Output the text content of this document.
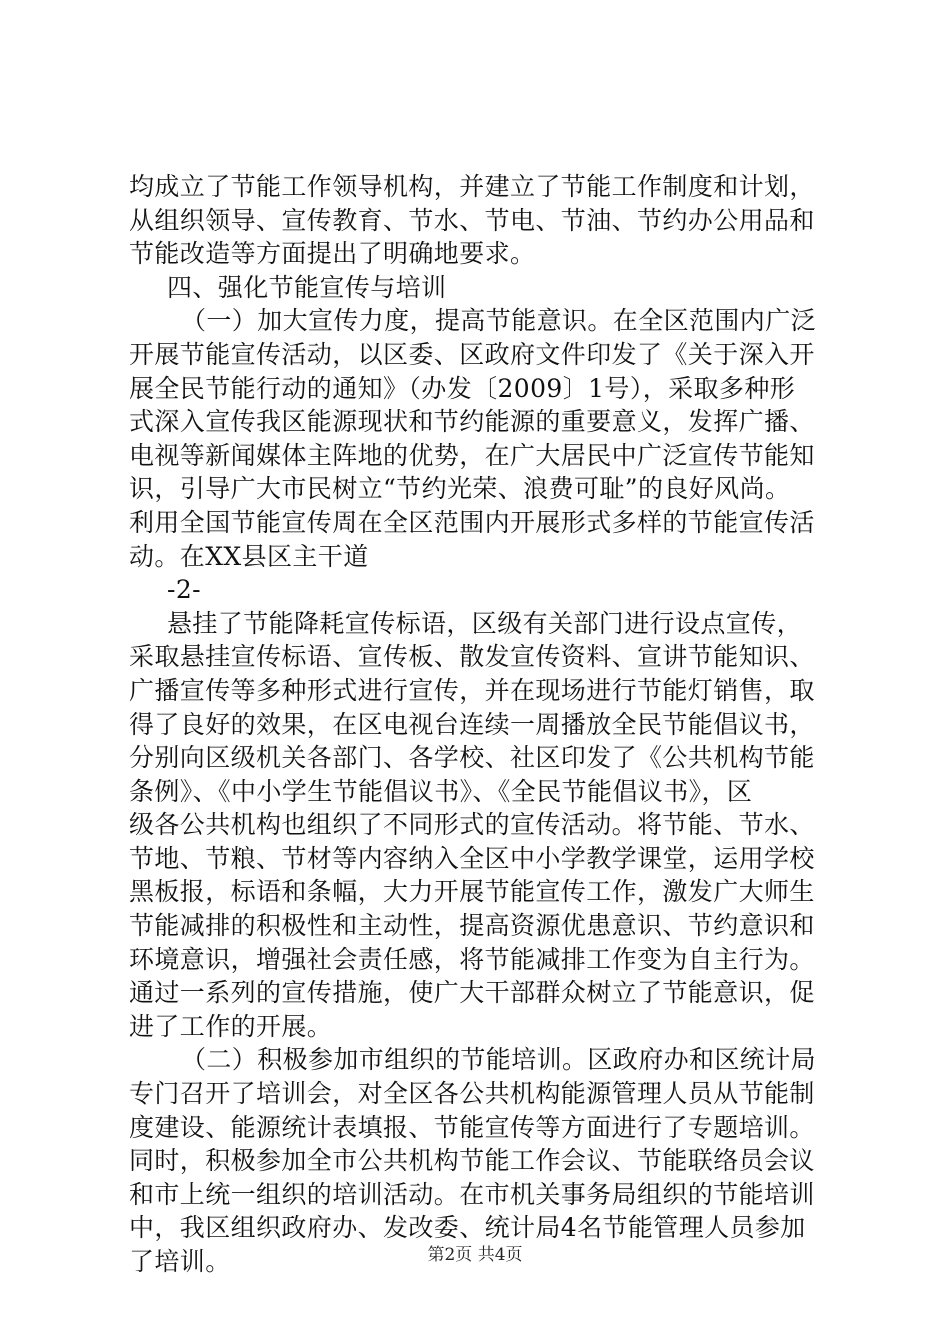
均成立了节能工作领导机构，并建立了节能工作制度和计划，
从组织领导、宣传教育、节水、节电、节油、节约办公用品和
节能改造等方面提出了明确地要求。
四、强化节能宣传与培训
（一）加大宣传力度，提高节能意识。在全区范围内广泛
开展节能宣传活动，以区委、区政府文件印发了《关于深入开
展全民节能行动的通知》（办发〔2009〕1号），采取多种形
式深入宣传我区能源现状和节约能源的重要意义，发挥广播、
电视等新闻媒体主阵地的优势，在广大居民中广泛宣传节能知
识，引导广大市民树立“节约光荣、浪费可耻”的良好风尚。
利用全国节能宣传周在全区范围内开展形式多样的节能宣传活
动。在XX县区主干道
-2-
悬挂了节能降耗宣传标语，区级有关部门进行设点宣传，
采取悬挂宣传标语、宣传板、散发宣传资料、宣讲节能知识、
广播宣传等多种形式进行宣传，并在现场进行节能灯销售，取
得了良好的效果，在区电视台连续一周播放全民节能倡议书，
分别向区级机关各部门、各学校、社区印发了《公共机构节能
条例》、《中小学生节能倡议书》、《全民节能倡议书》，区
级各公共机构也组织了不同形式的宣传活动。将节能、节水、
节地、节粮、节材等内容纳入全区中小学教学课堂，运用学校
黑板报，标语和条幅，大力开展节能宣传工作，激发广大师生
节能减排的积极性和主动性，提高资源优患意识、节约意识和
环境意识，增强社会责任感，将节能减排工作变为自主行为。
通过一系列的宣传措施，使广大干部群众树立了节能意识，促
进了工作的开展。
（二）积极参加市组织的节能培训。区政府办和区统计局
专门召开了培训会，对全区各公共机构能源管理人员从节能制
度建设、能源统计表填报、节能宣传等方面进行了专题培训。
同时，积极参加全市公共机构节能工作会议、节能联络员会议
和市上统一组织的培训活动。在市机关事务局组织的节能培训
中，我区组织政府办、发改委、统计局4名节能管理人员参加
了培训。	第2页 共4页
